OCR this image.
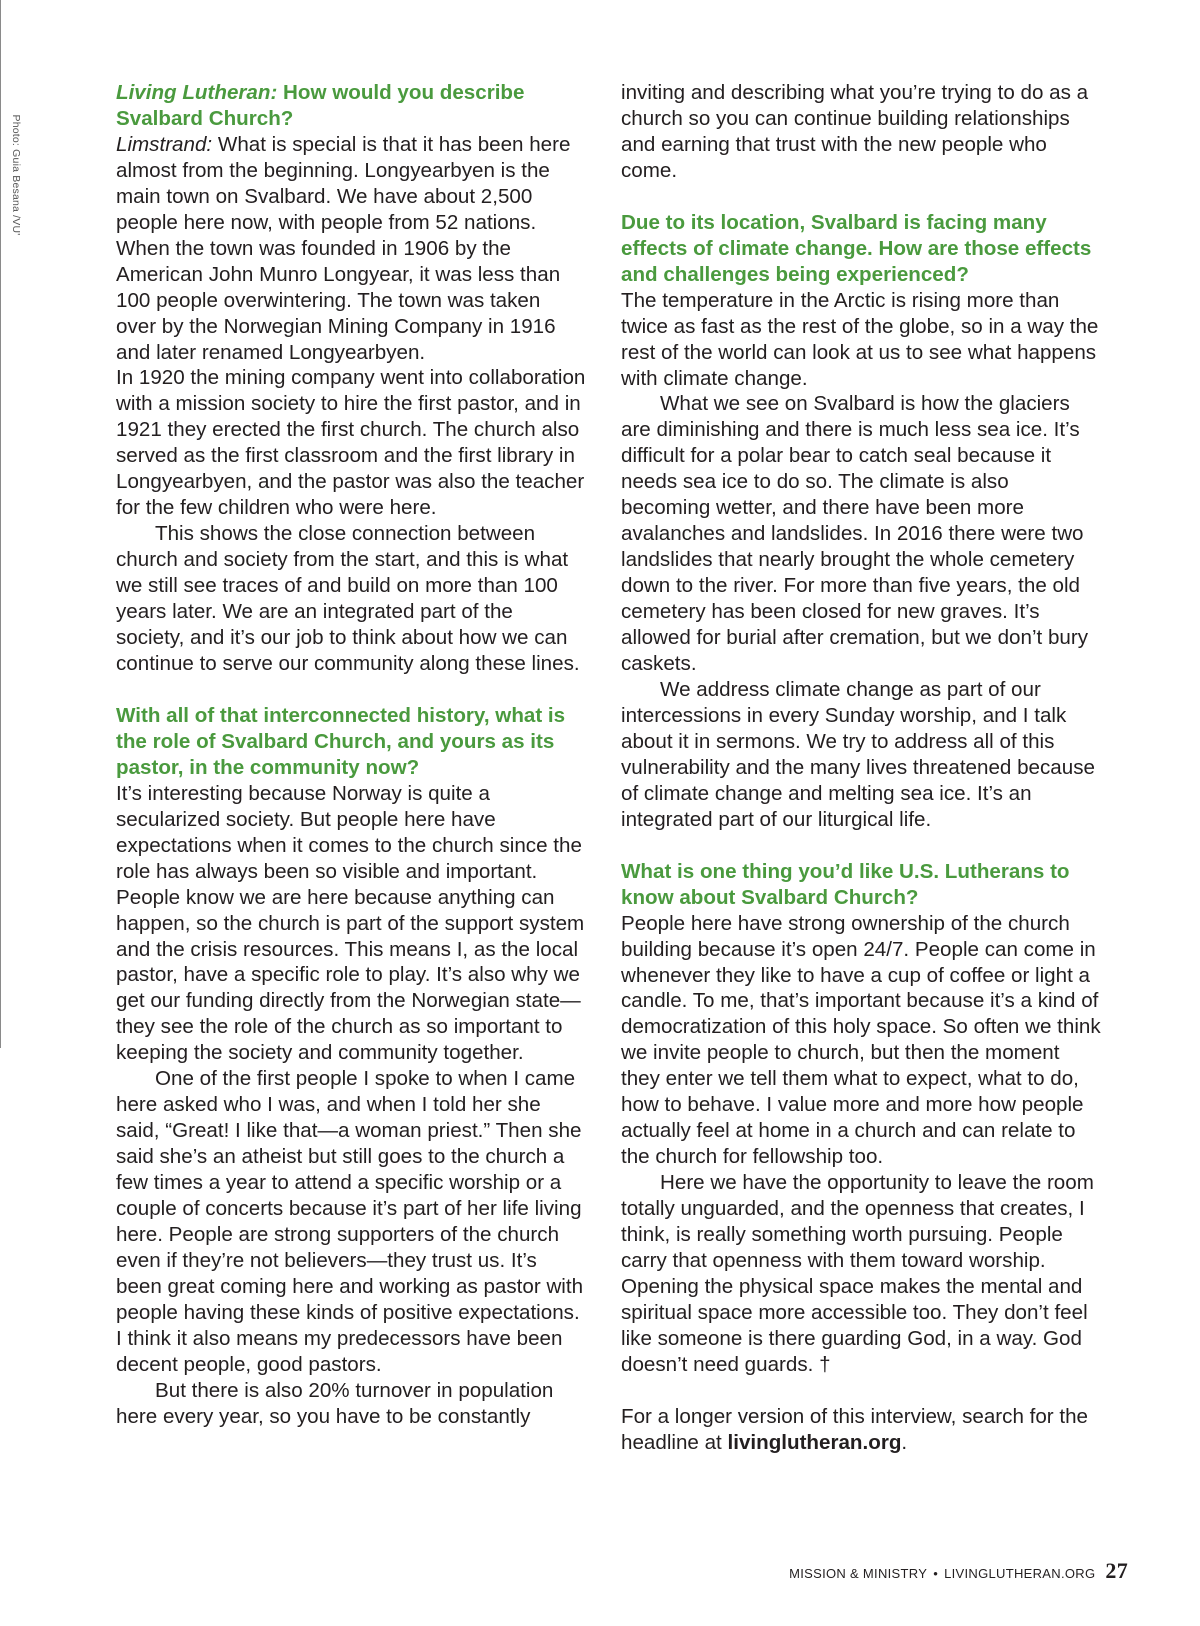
Photo: Guia Besana /VU'

Living Lutheran: How would you describe Svalbard Church?

Limstrand: What is special is that it has been here almost from the beginning. Longyearbyen is the main town on Svalbard. We have about 2,500 people here now, with people from 52 nations. When the town was founded in 1906 by the American John Munro Longyear, it was less than 100 people overwintering. The town was taken over by the Norwegian Mining Company in 1916 and later renamed Longyearbyen.

In 1920 the mining company went into collaboration with a mission society to hire the first pastor, and in 1921 they erected the first church. The church also served as the first classroom and the first library in Longyearbyen, and the pastor was also the teacher for the few children who were here.

This shows the close connection between church and society from the start, and this is what we still see traces of and build on more than 100 years later. We are an integrated part of the society, and it’s our job to think about how we can continue to serve our community along these lines.

With all of that interconnected history, what is the role of Svalbard Church, and yours as its pastor, in the community now?

It’s interesting because Norway is quite a secularized society. But people here have expectations when it comes to the church since the role has always been so visible and important. People know we are here because anything can happen, so the church is part of the support system and the crisis resources. This means I, as the local pastor, have a specific role to play. It’s also why we get our funding directly from the Norwegian state—they see the role of the church as so important to keeping the society and community together.

One of the first people I spoke to when I came here asked who I was, and when I told her she said, “Great! I like that—a woman priest.” Then she said she’s an atheist but still goes to the church a few times a year to attend a specific worship or a couple of concerts because it’s part of her life living here. People are strong supporters of the church even if they’re not believers—they trust us. It’s been great coming here and working as pastor with people having these kinds of positive expectations. I think it also means my predecessors have been decent people, good pastors.

But there is also 20% turnover in population here every year, so you have to be constantly

inviting and describing what you’re trying to do as a church so you can continue building relationships and earning that trust with the new people who come.

Due to its location, Svalbard is facing many effects of climate change. How are those effects and challenges being experienced?

The temperature in the Arctic is rising more than twice as fast as the rest of the globe, so in a way the rest of the world can look at us to see what happens with climate change.

What we see on Svalbard is how the glaciers are diminishing and there is much less sea ice. It’s difficult for a polar bear to catch seal because it needs sea ice to do so. The climate is also becoming wetter, and there have been more avalanches and landslides. In 2016 there were two landslides that nearly brought the whole cemetery down to the river. For more than five years, the old cemetery has been closed for new graves. It’s allowed for burial after cremation, but we don’t bury caskets.

We address climate change as part of our intercessions in every Sunday worship, and I talk about it in sermons. We try to address all of this vulnerability and the many lives threatened because of climate change and melting sea ice. It’s an integrated part of our liturgical life.

What is one thing you’d like U.S. Lutherans to know about Svalbard Church?

People here have strong ownership of the church building because it’s open 24/7. People can come in whenever they like to have a cup of coffee or light a candle. To me, that’s important because it’s a kind of democratization of this holy space. So often we think we invite people to church, but then the moment they enter we tell them what to expect, what to do, how to behave. I value more and more how people actually feel at home in a church and can relate to the church for fellowship too.

Here we have the opportunity to leave the room totally unguarded, and the openness that creates, I think, is really something worth pursuing. People carry that openness with them toward worship. Opening the physical space makes the mental and spiritual space more accessible too. They don’t feel like someone is there guarding God, in a way. God doesn’t need guards. †

For a longer version of this interview, search for the headline at livinglutheran.org.

MISSION & MINISTRY • LIVINGLUTHERAN.ORG 27
